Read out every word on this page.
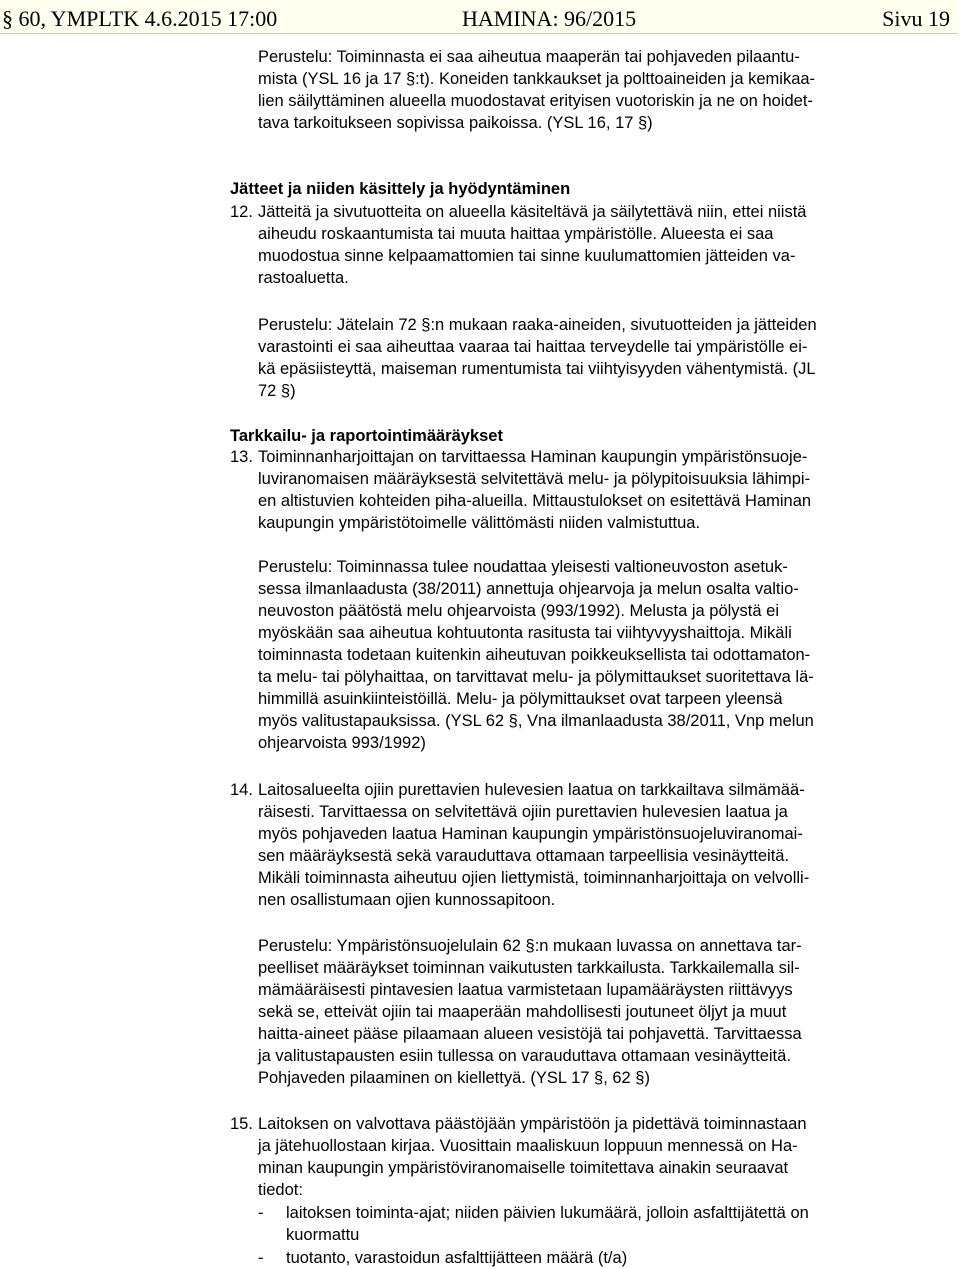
§ 60, YMPLTK 4.6.2015 17:00	HAMINA: 96/2015	Sivu 19
Perustelu: Toiminnasta ei saa aiheutua maaperän tai pohjaveden pilaantu-
mista (YSL 16 ja 17 §:t). Koneiden tankkaukset ja polttoaineiden ja kemikaa-
lien säilyttäminen alueella muodostavat erityisen vuotoriskin ja ne on hoidet-
tava tarkoitukseen sopivissa paikoissa. (YSL 16, 17 §)
Jätteet ja niiden käsittely ja hyödyntäminen
12. Jätteitä ja sivutuotteita on alueella käsiteltävä ja säilytettävä niin, ettei niistä
aiheudu roskaantumista tai muuta haittaa ympäristölle. Alueesta ei saa
muodostua sinne kelpaamattomien tai sinne kuulumattomien jätteiden va-
rastoaluetta.
Perustelu: Jätelain 72 §:n mukaan raaka-aineiden, sivutuotteiden ja jätteiden
varastointi ei saa aiheuttaa vaaraa tai haittaa terveydelle tai ympäristölle ei-
kä epäsiisteyttä, maiseman rumentumista tai viihtyisyyden vähentymistä. (JL
72 §)
Tarkkailu- ja raportointimääräykset
13. Toiminnanharjoittajan on tarvittaessa Haminan kaupungin ympäristönsuoje-
luviranomaisen määräyksestä selvitettävä melu- ja pölypitoisuuksia lähimpi-
en altistuvien kohteiden piha-alueilla. Mittaustulokset on esitettävä Haminan
kaupungin ympäristötoimelle välittömästi niiden valmistuttua.
Perustelu: Toiminnassa tulee noudattaa yleisesti valtioneuvoston asetuk-
sessa ilmanlaadusta (38/2011) annettuja ohjearvoja ja melun osalta valtio-
neuvoston päätöstä melu ohjearvoista (993/1992). Melusta ja pölystä ei
myöskään saa aiheutua kohtuutonta rasitusta tai viihtyvyyshaittoja. Mikäli
toiminnasta todetaan kuitenkin aiheutuvan poikkeuksellista tai odottamaton-
ta melu- tai pölyhaittaa, on tarvittavat melu- ja pölymittaukset suoritettava lä-
himmillä asuinkiinteistöillä. Melu- ja pölymittaukset ovat tarpeen yleensä
myös valitustapauksissa. (YSL 62 §, Vna ilmanlaadusta 38/2011, Vnp melun
ohjearvoista 993/1992)
14. Laitosalueelta ojiin purettavien hulevesien laatua on tarkkailtava silmämää-
räisesti. Tarvittaessa on selvitettävä ojiin purettavien hulevesien laatua ja
myös pohjaveden laatua Haminan kaupungin ympäristönsuojeluviranomai-
sen määräyksestä sekä varauduttava ottamaan tarpeellisia vesinäytteitä.
Mikäli toiminnasta aiheutuu ojien liettymistä, toiminnanharjoittaja on velvolli-
nen osallistumaan ojien kunnossapitoon.
Perustelu: Ympäristönsuojelulain 62 §:n mukaan luvassa on annettava tar-
peelliset määräykset toiminnan vaikutusten tarkkailusta. Tarkkailemalla sil-
mämääräisesti pintavesien laatua varmistetaan lupamääräysten riittävyys
sekä se, etteivät ojiin tai maaperään mahdollisesti joutuneet öljyt ja muut
haitta-aineet pääse pilaamaan alueen vesistöjä tai pohjavettä. Tarvittaessa
ja valitustapausten esiin tullessa on varauduttava ottamaan vesinäytteitä.
Pohjaveden pilaaminen on kiellettyä. (YSL 17 §, 62 §)
15. Laitoksen on valvottava päästöjään ympäristöön ja pidettävä toiminnastaan
ja jätehuollostaan kirjaa. Vuosittain maaliskuun loppuun mennessä on Ha-
minan kaupungin ympäristöviranomaiselle toimitettava ainakin seuraavat
tiedot:
- laitoksen toiminta-ajat; niiden päivien lukumäärä, jolloin asfalttijätettä on
kuormattu
- tuotanto, varastoidun asfalttijätteen määrä (t/a)
